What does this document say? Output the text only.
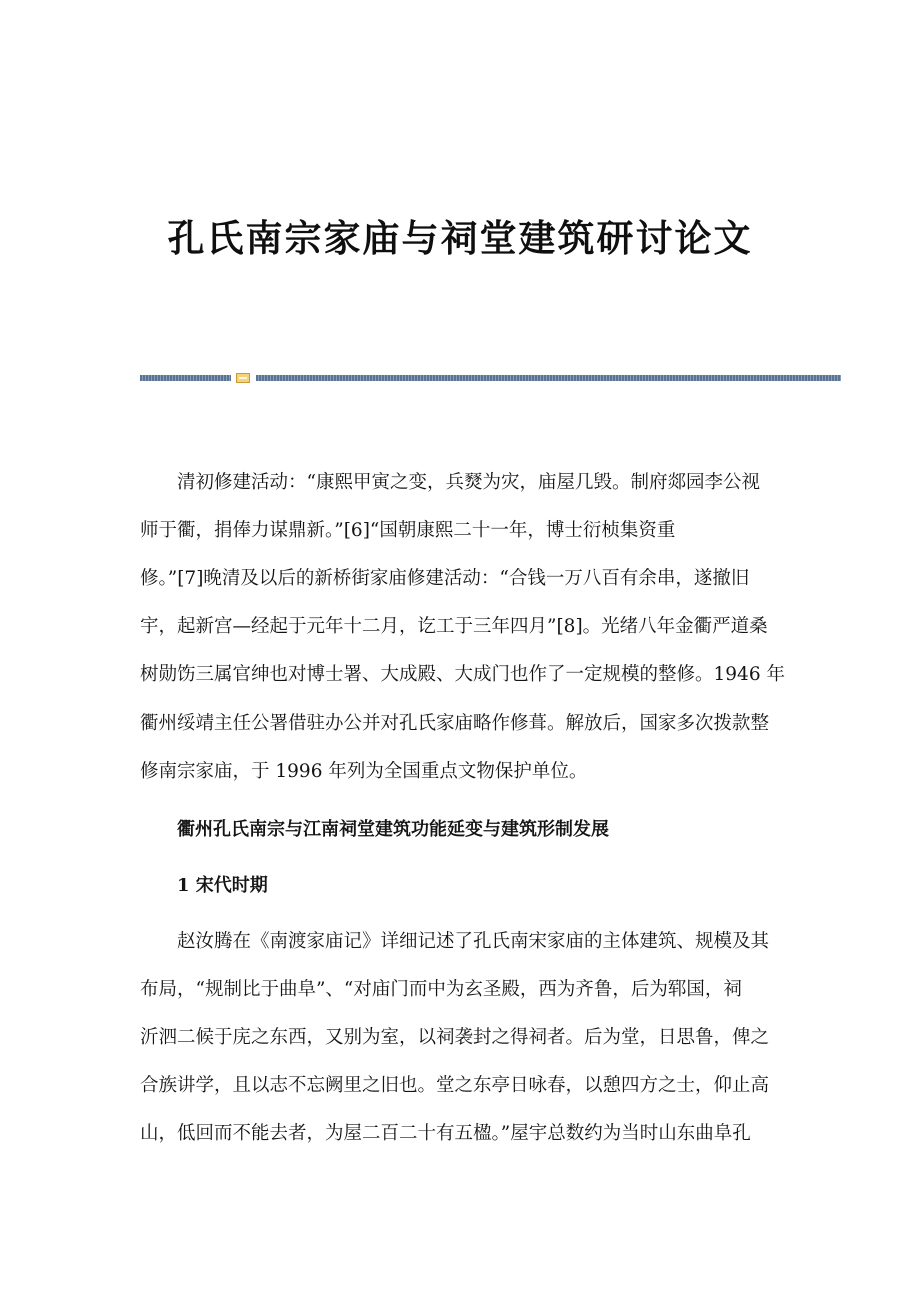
孔氏南宗家庙与祠堂建筑研讨论文

清初修建活动：“康熙甲寅之变，兵燹为灾，庙屋几毁。制府郯园李公视

师于衢，捐俸力谋鼎新。”[6]“国朝康熙二十一年，博士衍桢集资重

修。”[7]晚清及以后的新桥街家庙修建活动：“合钱一万八百有余串，遂撤旧

宇，起新宫—经起于元年十二月，讫工于三年四月”[8]。光绪八年金衢严道桑

树勋饬三属官绅也对博士署、大成殿、大成门也作了一定规模的整修。1946 年

衢州绥靖主任公署借驻办公并对孔氏家庙略作修葺。解放后，国家多次拨款整

修南宗家庙，于 1996 年列为全国重点文物保护单位。

衢州孔氏南宗与江南祠堂建筑功能延变与建筑形制发展

1 宋代时期

赵汝腾在《南渡家庙记》详细记述了孔氏南宋家庙的主体建筑、规模及其

布局，“规制比于曲阜”、“对庙门而中为玄圣殿，西为齐鲁，后为郓国，祠

沂泗二候于庑之东西，又别为室，以祠袭封之得祠者。后为堂，日思鲁，俾之

合族讲学，且以志不忘阙里之旧也。堂之东亭日咏春，以憩四方之士，仰止高

山，低回而不能去者，为屋二百二十有五楹。”屋宇总数约为当时山东曲阜孔
